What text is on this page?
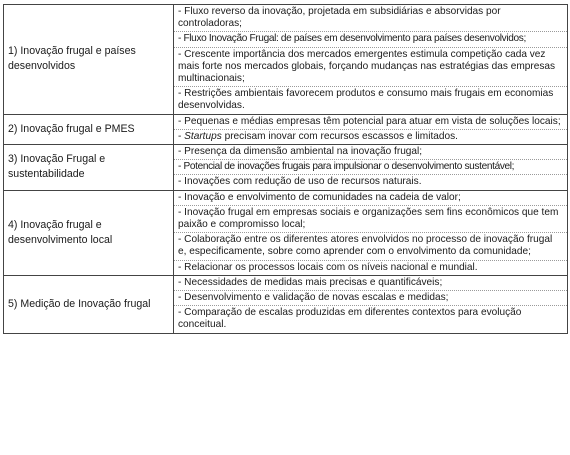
1) Inovação frugal e países desenvolvidos
- Fluxo reverso da inovação, projetada em subsidiárias e absorvidas por controladoras;
- Fluxo Inovação Frugal: de países em desenvolvimento para países desenvolvidos;
- Crescente importância dos mercados emergentes estimula competição cada vez mais forte nos mercados globais, forçando mudanças nas estratégias das empresas multinacionais;
- Restrições ambientais favorecem produtos e consumo mais frugais em economias desenvolvidas.
2) Inovação frugal e PMES
- Pequenas e médias empresas têm potencial para atuar em vista de soluções locais;
- Startups precisam inovar com recursos escassos e limitados.
3) Inovação Frugal e sustentabilidade
- Presença da dimensão ambiental na inovação frugal;
- Potencial de inovações frugais para impulsionar o desenvolvimento sustentável;
- Inovações com redução de uso de recursos naturais.
4) Inovação frugal e desenvolvimento local
- Inovação e envolvimento de comunidades na cadeia de valor;
- Inovação frugal em empresas sociais e organizações sem fins econômicos que tem paixão e compromisso local;
- Colaboração entre os diferentes atores envolvidos no processo de inovação frugal e, especificamente, sobre como aprender com o envolvimento da comunidade;
- Relacionar os processos locais com os níveis nacional e mundial.
5) Medição de Inovação frugal
- Necessidades de medidas mais precisas e quantificáveis;
- Desenvolvimento e validação de novas escalas e medidas;
- Comparação de escalas produzidas em diferentes contextos para evolução conceitual.
